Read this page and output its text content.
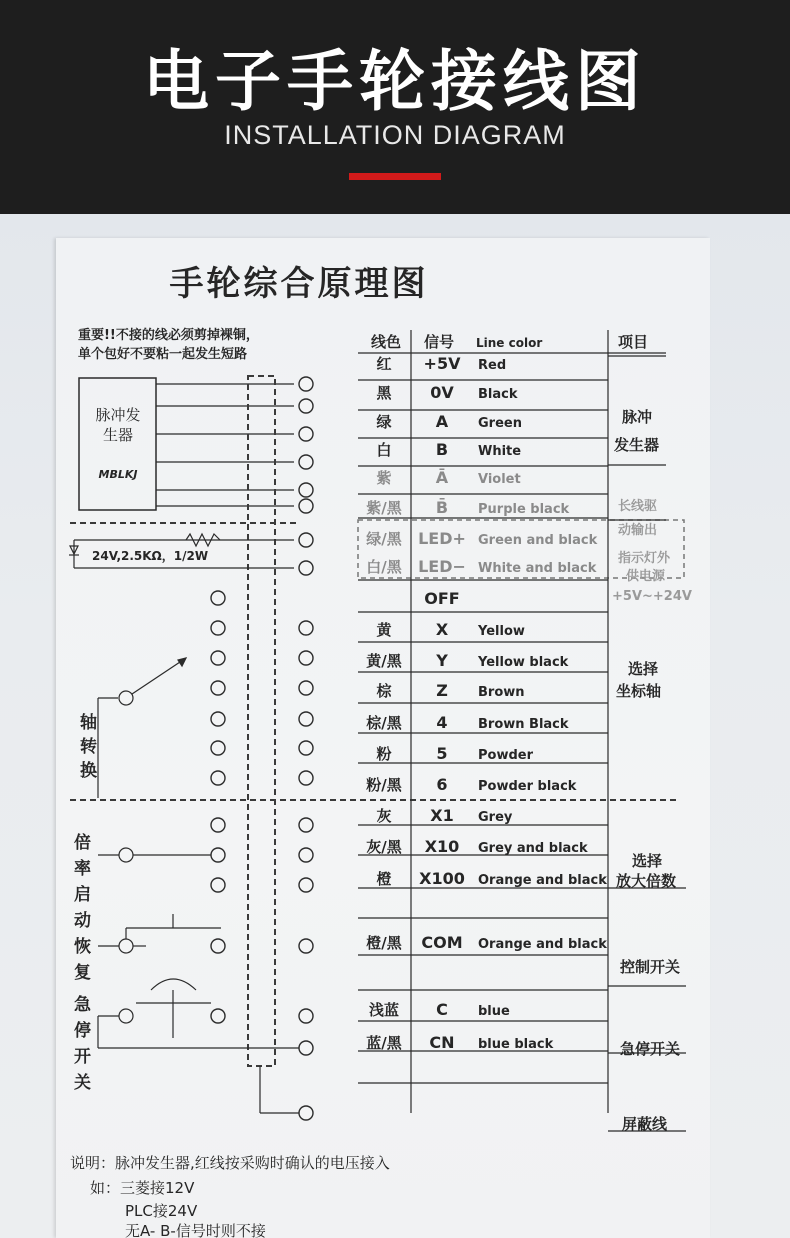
电子手轮接线图
INSTALLATION DIAGRAM
手轮综合原理图
重要!!不接的线必须剪掉裸铜，
单个包好不要粘一起发生短路
脉冲发
生器
MBLKJ
24V,2.5KΩ，1/2W
轴
转
换
倍
率
启
动
恢
复
急
停
开
关
线色 信号 Line color	项目
红 +5V Red
黑 0V Black
绿	A Green
白	B White
紫	Ā Violet
紫/黑 B̄ Purple black
绿/黑 LED+ Green and black
白/黑 LED− White and black
OFF
黄	X Yellow
黄/黑 Y Yellow black
棕	Z Brown
棕/黑 4 Brown Black
粉	5 Powder
粉/黑 6 Powder black
灰 X1 Grey
灰/黑 X10 Grey and black
橙 X100 Orange and black
橙/黑 COM Orange and black
浅蓝 C blue
蓝/黑 CN blue black
脉冲
发生器
长线驱
动输出
指示灯外
供电源
+5V~+24V
选择
坐标轴
选择
放大倍数
控制开关
急停开关
屏蔽线
说明：脉冲发生器,红线按采购时确认的电压接入
如：三菱接12V
PLC接24V
无A- B-信号时则不接
